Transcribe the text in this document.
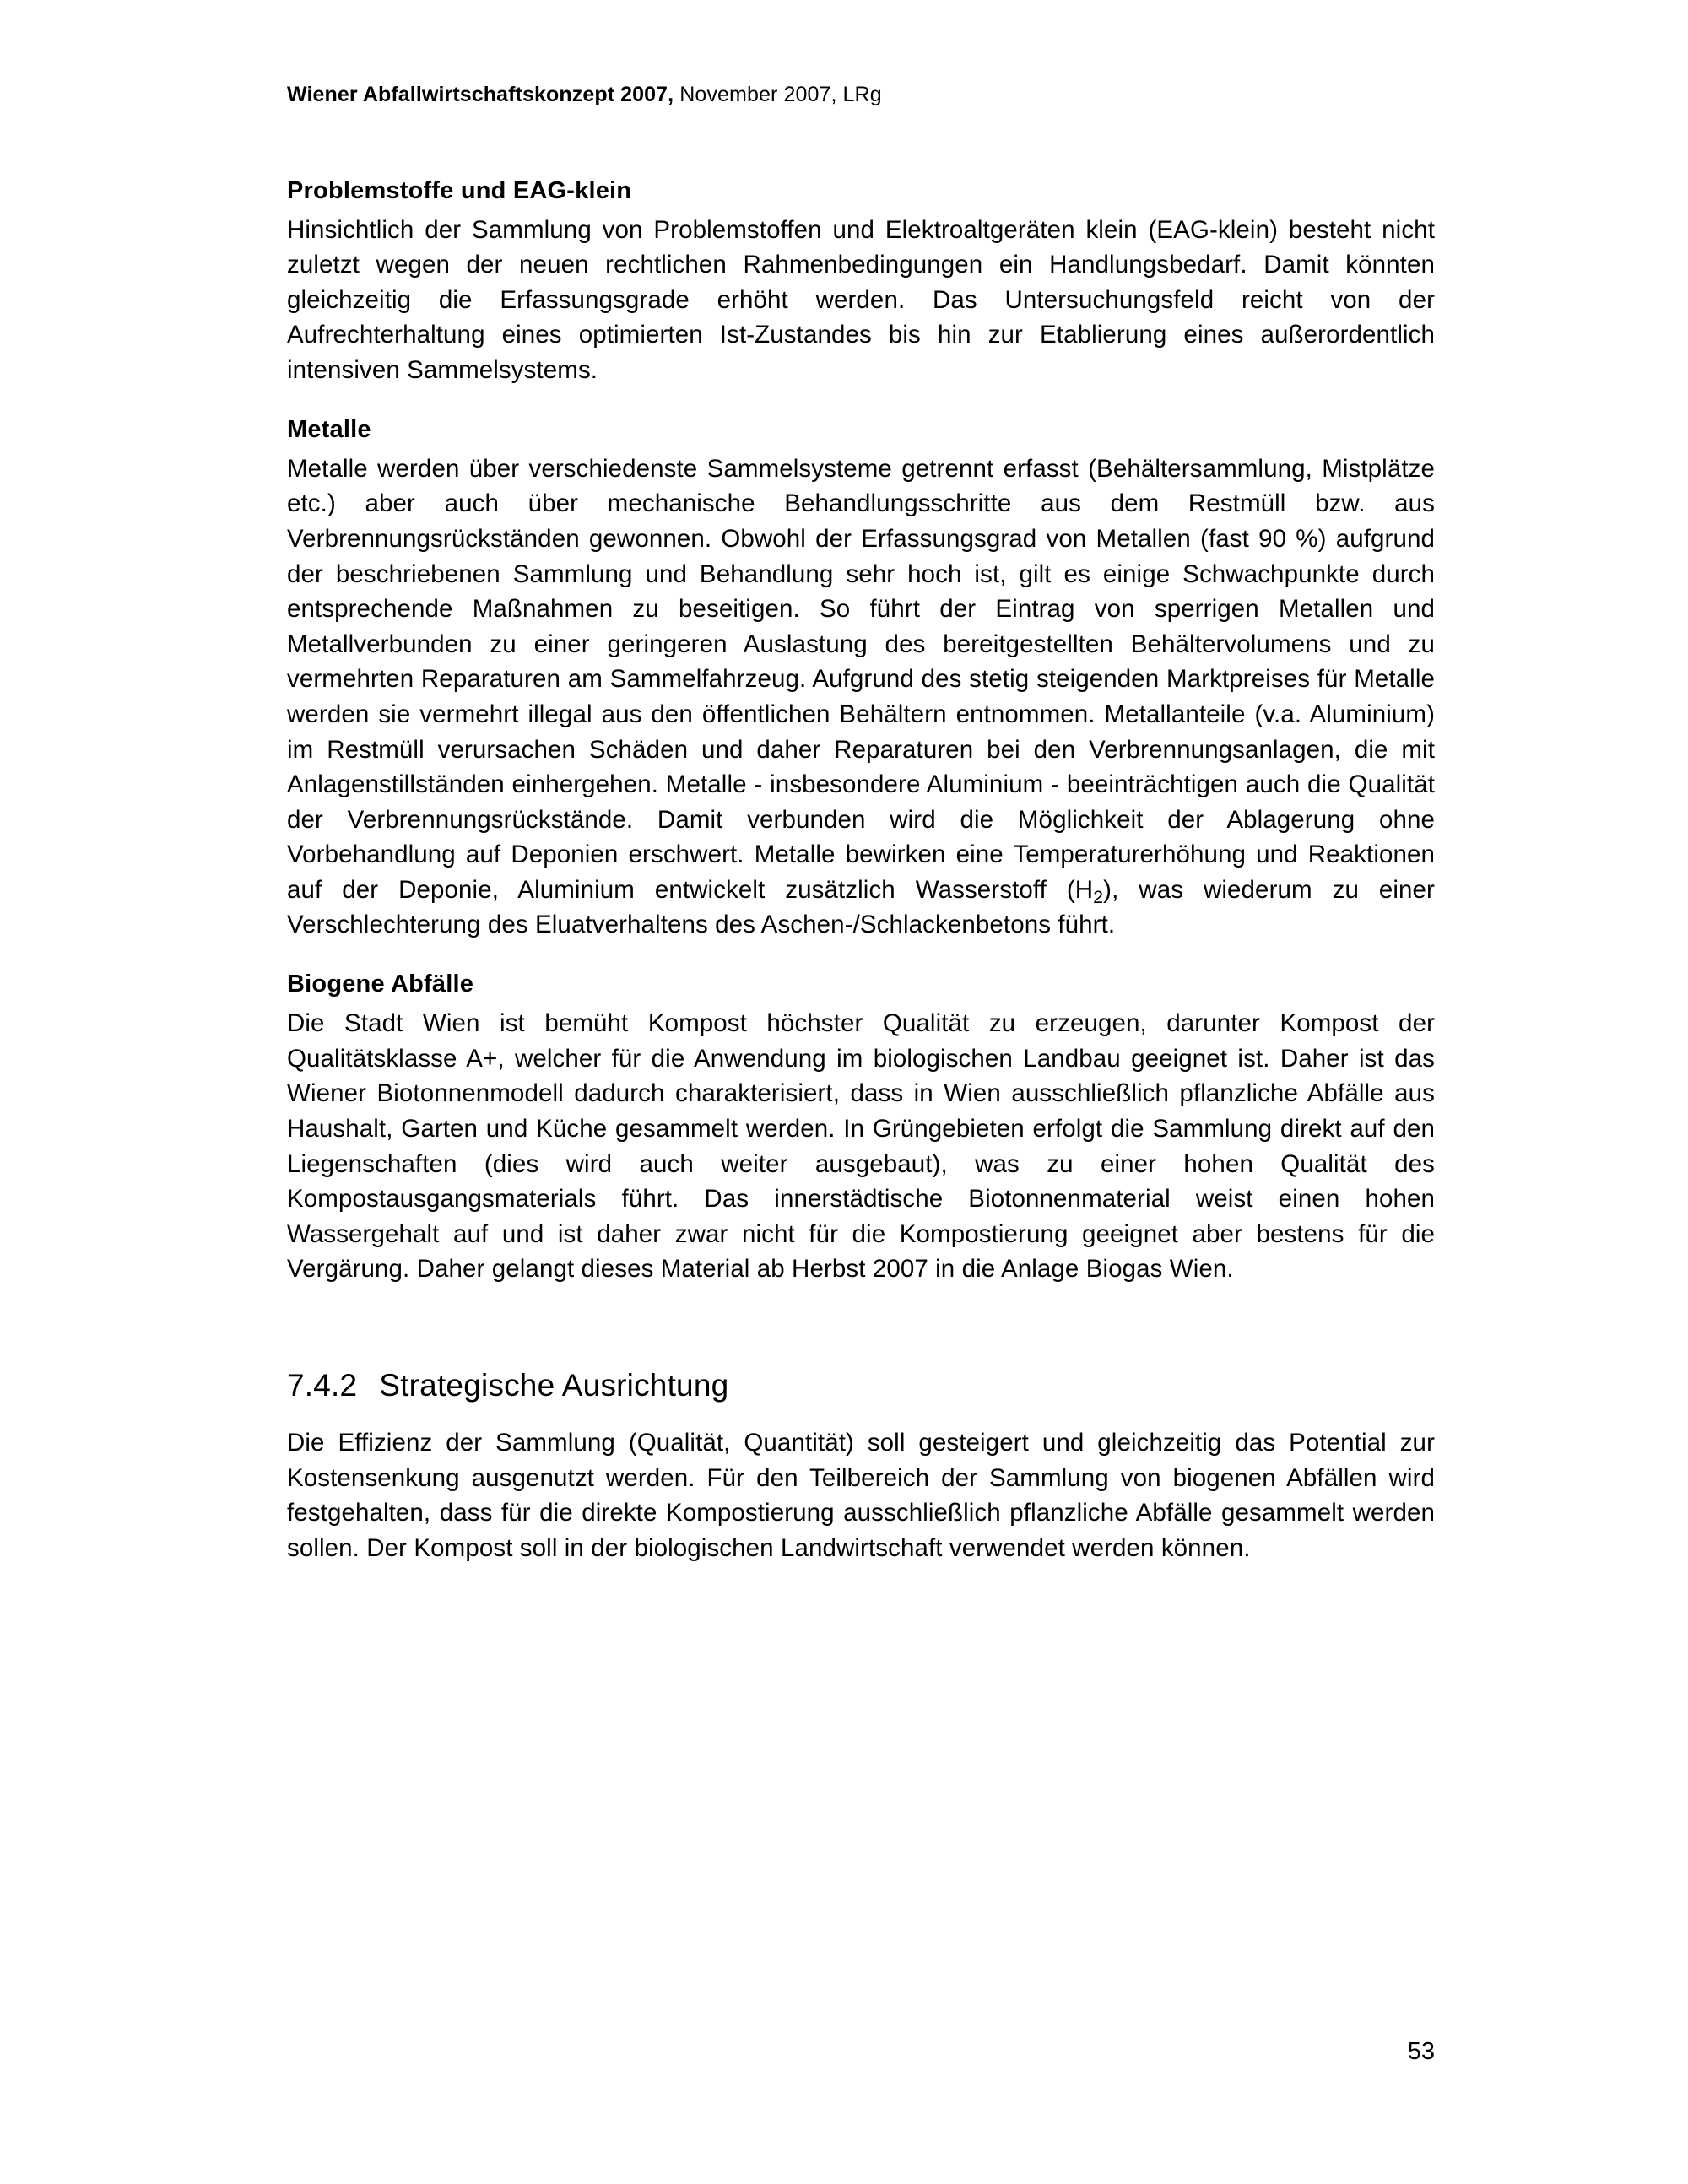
Wiener Abfallwirtschaftskonzept 2007, November 2007, LRg
Problemstoffe und EAG-klein

Hinsichtlich der Sammlung von Problemstoffen und Elektroaltgeräten klein (EAG-klein) besteht nicht zuletzt wegen der neuen rechtlichen Rahmenbedingungen ein Handlungsbedarf. Damit könnten gleichzeitig die Erfassungsgrade erhöht werden. Das Untersuchungsfeld reicht von der Aufrechterhaltung eines optimierten Ist-Zustandes bis hin zur Etablierung eines außerordentlich intensiven Sammelsystems.

Metalle

Metalle werden über verschiedenste Sammelsysteme getrennt erfasst (Behältersammlung, Mistplätze etc.) aber auch über mechanische Behandlungsschritte aus dem Restmüll bzw. aus Verbrennungsrückständen gewonnen. Obwohl der Erfassungsgrad von Metallen (fast 90 %) aufgrund der beschriebenen Sammlung und Behandlung sehr hoch ist, gilt es einige Schwachpunkte durch entsprechende Maßnahmen zu beseitigen. So führt der Eintrag von sperrigen Metallen und Metallverbunden zu einer geringeren Auslastung des bereitgestellten Behältervolumens und zu vermehrten Reparaturen am Sammelfahrzeug. Aufgrund des stetig steigenden Marktpreises für Metalle werden sie vermehrt illegal aus den öffentlichen Behältern entnommen. Metallanteile (v.a. Aluminium) im Restmüll verursachen Schäden und daher Reparaturen bei den Verbrennungsanlagen, die mit Anlagenstillständen einhergehen. Metalle - insbesondere Aluminium - beeinträchtigen auch die Qualität der Verbrennungsrückstände. Damit verbunden wird die Möglichkeit der Ablagerung ohne Vorbehandlung auf Deponien erschwert. Metalle bewirken eine Temperaturerhöhung und Reaktionen auf der Deponie, Aluminium entwickelt zusätzlich Wasserstoff $(H_2)$, was wiederum zu einer Verschlechterung des Eluatverhaltens des Aschen-/Schlackenbetons führt.

Biogene Abfälle

Die Stadt Wien ist bemüht Kompost höchster Qualität zu erzeugen, darunter Kompost der Qualitätsklasse A+, welcher für die Anwendung im biologischen Landbau geeignet ist. Daher ist das Wiener Biotonnenmodell dadurch charakterisiert, dass in Wien ausschließlich pflanzliche Abfälle aus Haushalt, Garten und Küche gesammelt werden. In Grüngebieten erfolgt die Sammlung direkt auf den Liegenschaften (dies wird auch weiter ausgebaut), was zu einer hohen Qualität des Kompostausgangsmaterials führt. Das innerstädtische Biotonnenmaterial weist einen hohen Wassergehalt auf und ist daher zwar nicht für die Kompostierung geeignet aber bestens für die Vergärung. Daher gelangt dieses Material ab Herbst 2007 in die Anlage Biogas Wien.

7.4.2 Strategische Ausrichtung

Die Effizienz der Sammlung (Qualität, Quantität) soll gesteigert und gleichzeitig das Potential zur Kostensenkung ausgenutzt werden. Für den Teilbereich der Sammlung von biogenen Abfällen wird festgehalten, dass für die direkte Kompostierung ausschließlich pflanzliche Abfälle gesammelt werden sollen. Der Kompost soll in der biologischen Landwirtschaft verwendet werden können.

53
